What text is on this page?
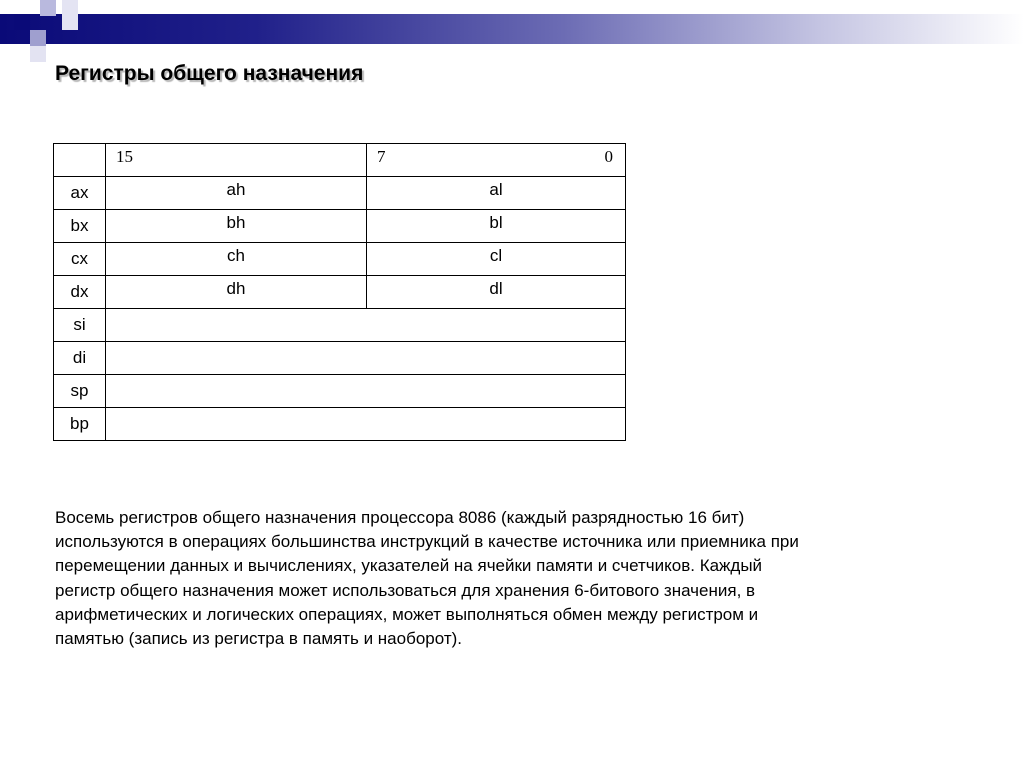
Регистры общего назначения
	15	7 0

ax	ah	al
bx	bh	bl
cx	ch	cl
dx	dh	dl
si		
di		
sp		
bp		

Восемь регистров общего назначения процессора 8086 (каждый разрядностью 16 бит)
используются в операциях большинства инструкций в качестве источника или приемника при
перемещении данных и вычислениях, указателей на ячейки памяти и счетчиков. Каждый
регистр общего назначения может использоваться для хранения 6-битового значения, в
арифметических и логических операциях, может выполняться обмен между регистром и
памятью (запись из регистра в память и наоборот).
